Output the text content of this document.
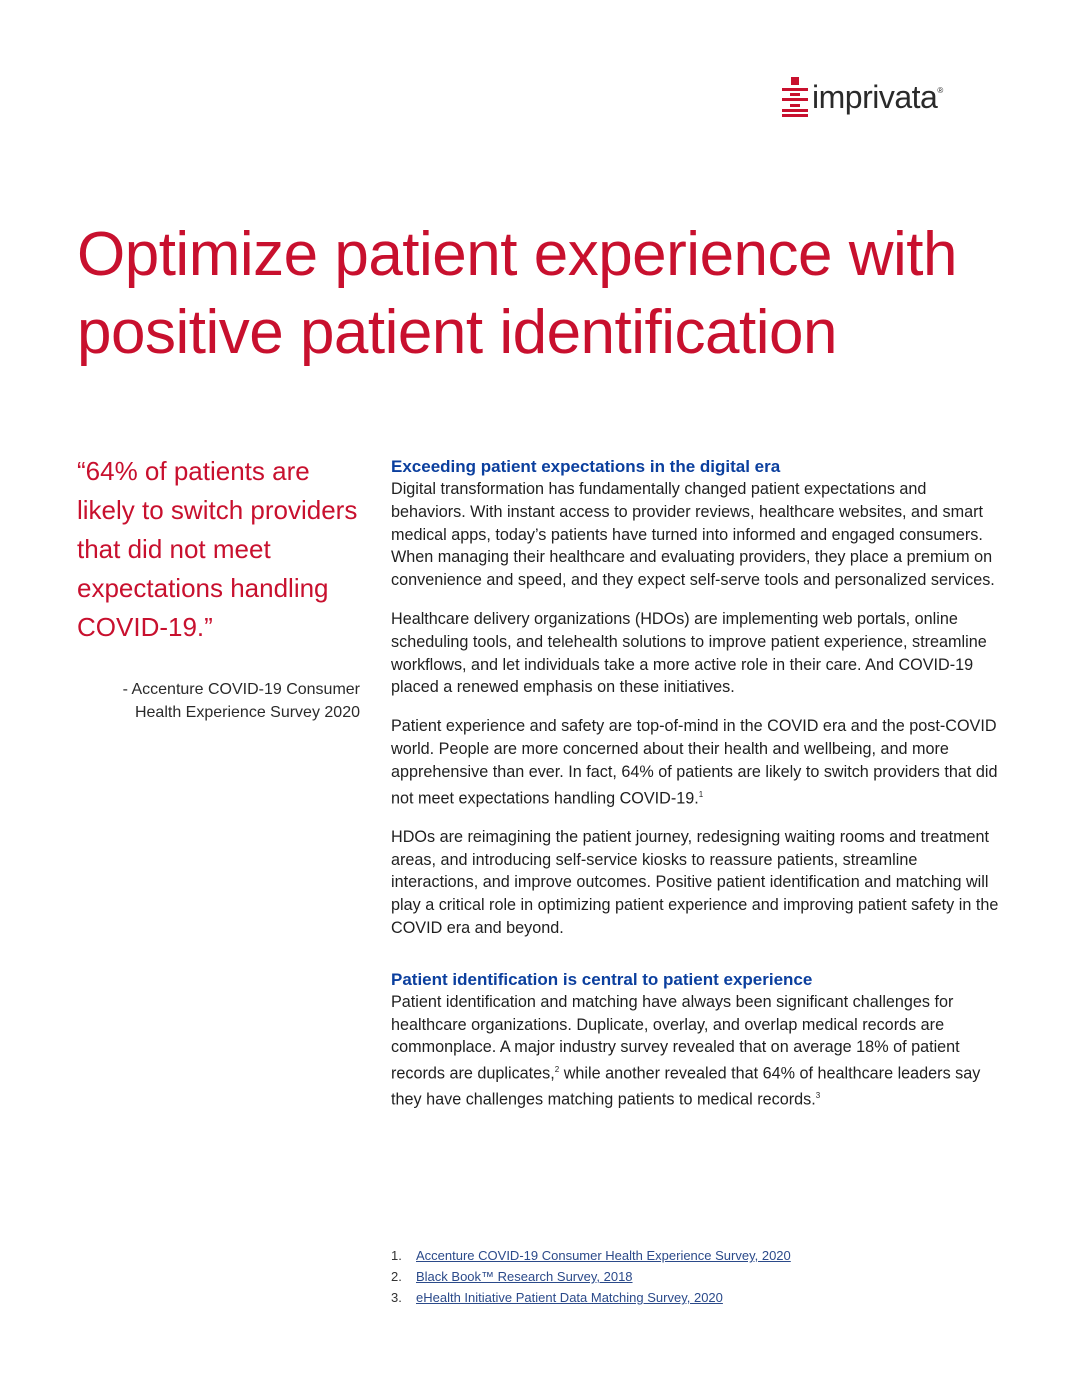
imprivata®
Optimize patient experience with positive patient identification

“64% of patients are likely to switch providers that did not meet expectations handling COVID-19.”

- Accenture COVID-19 Consumer
Health Experience Survey 2020
Exceeding patient expectations in the digital era

Digital transformation has fundamentally changed patient expectations and behaviors. With instant access to provider reviews, healthcare websites, and smart medical apps, today’s patients have turned into informed and engaged consumers. When managing their healthcare and evaluating providers, they place a premium on convenience and speed, and they expect self-serve tools and personalized services.

Healthcare delivery organizations (HDOs) are implementing web portals, online scheduling tools, and telehealth solutions to improve patient experience, streamline workflows, and let individuals take a more active role in their care. And COVID-19 placed a renewed emphasis on these initiatives.

Patient experience and safety are top-of-mind in the COVID era and the post-COVID world. People are more concerned about their health and wellbeing, and more apprehensive than ever. In fact, 64% of patients are likely to switch providers that did not meet expectations handling COVID-19.$^1$

HDOs are reimagining the patient journey, redesigning waiting rooms and treatment areas, and introducing self-service kiosks to reassure patients, streamline interactions, and improve outcomes. Positive patient identification and matching will play a critical role in optimizing patient experience and improving patient safety in the COVID era and beyond.

Patient identification is central to patient experience

Patient identification and matching have always been significant challenges for healthcare organizations. Duplicate, overlay, and overlap medical records are commonplace. A major industry survey revealed that on average 18% of patient records are duplicates,$^2$ while another revealed that 64% of healthcare leaders say they have challenges matching patients to medical records.$^3$

1.	Accenture COVID-19 Consumer Health Experience Survey, 2020
2.	Black Book™ Research Survey, 2018
3.	eHealth Initiative Patient Data Matching Survey, 2020
